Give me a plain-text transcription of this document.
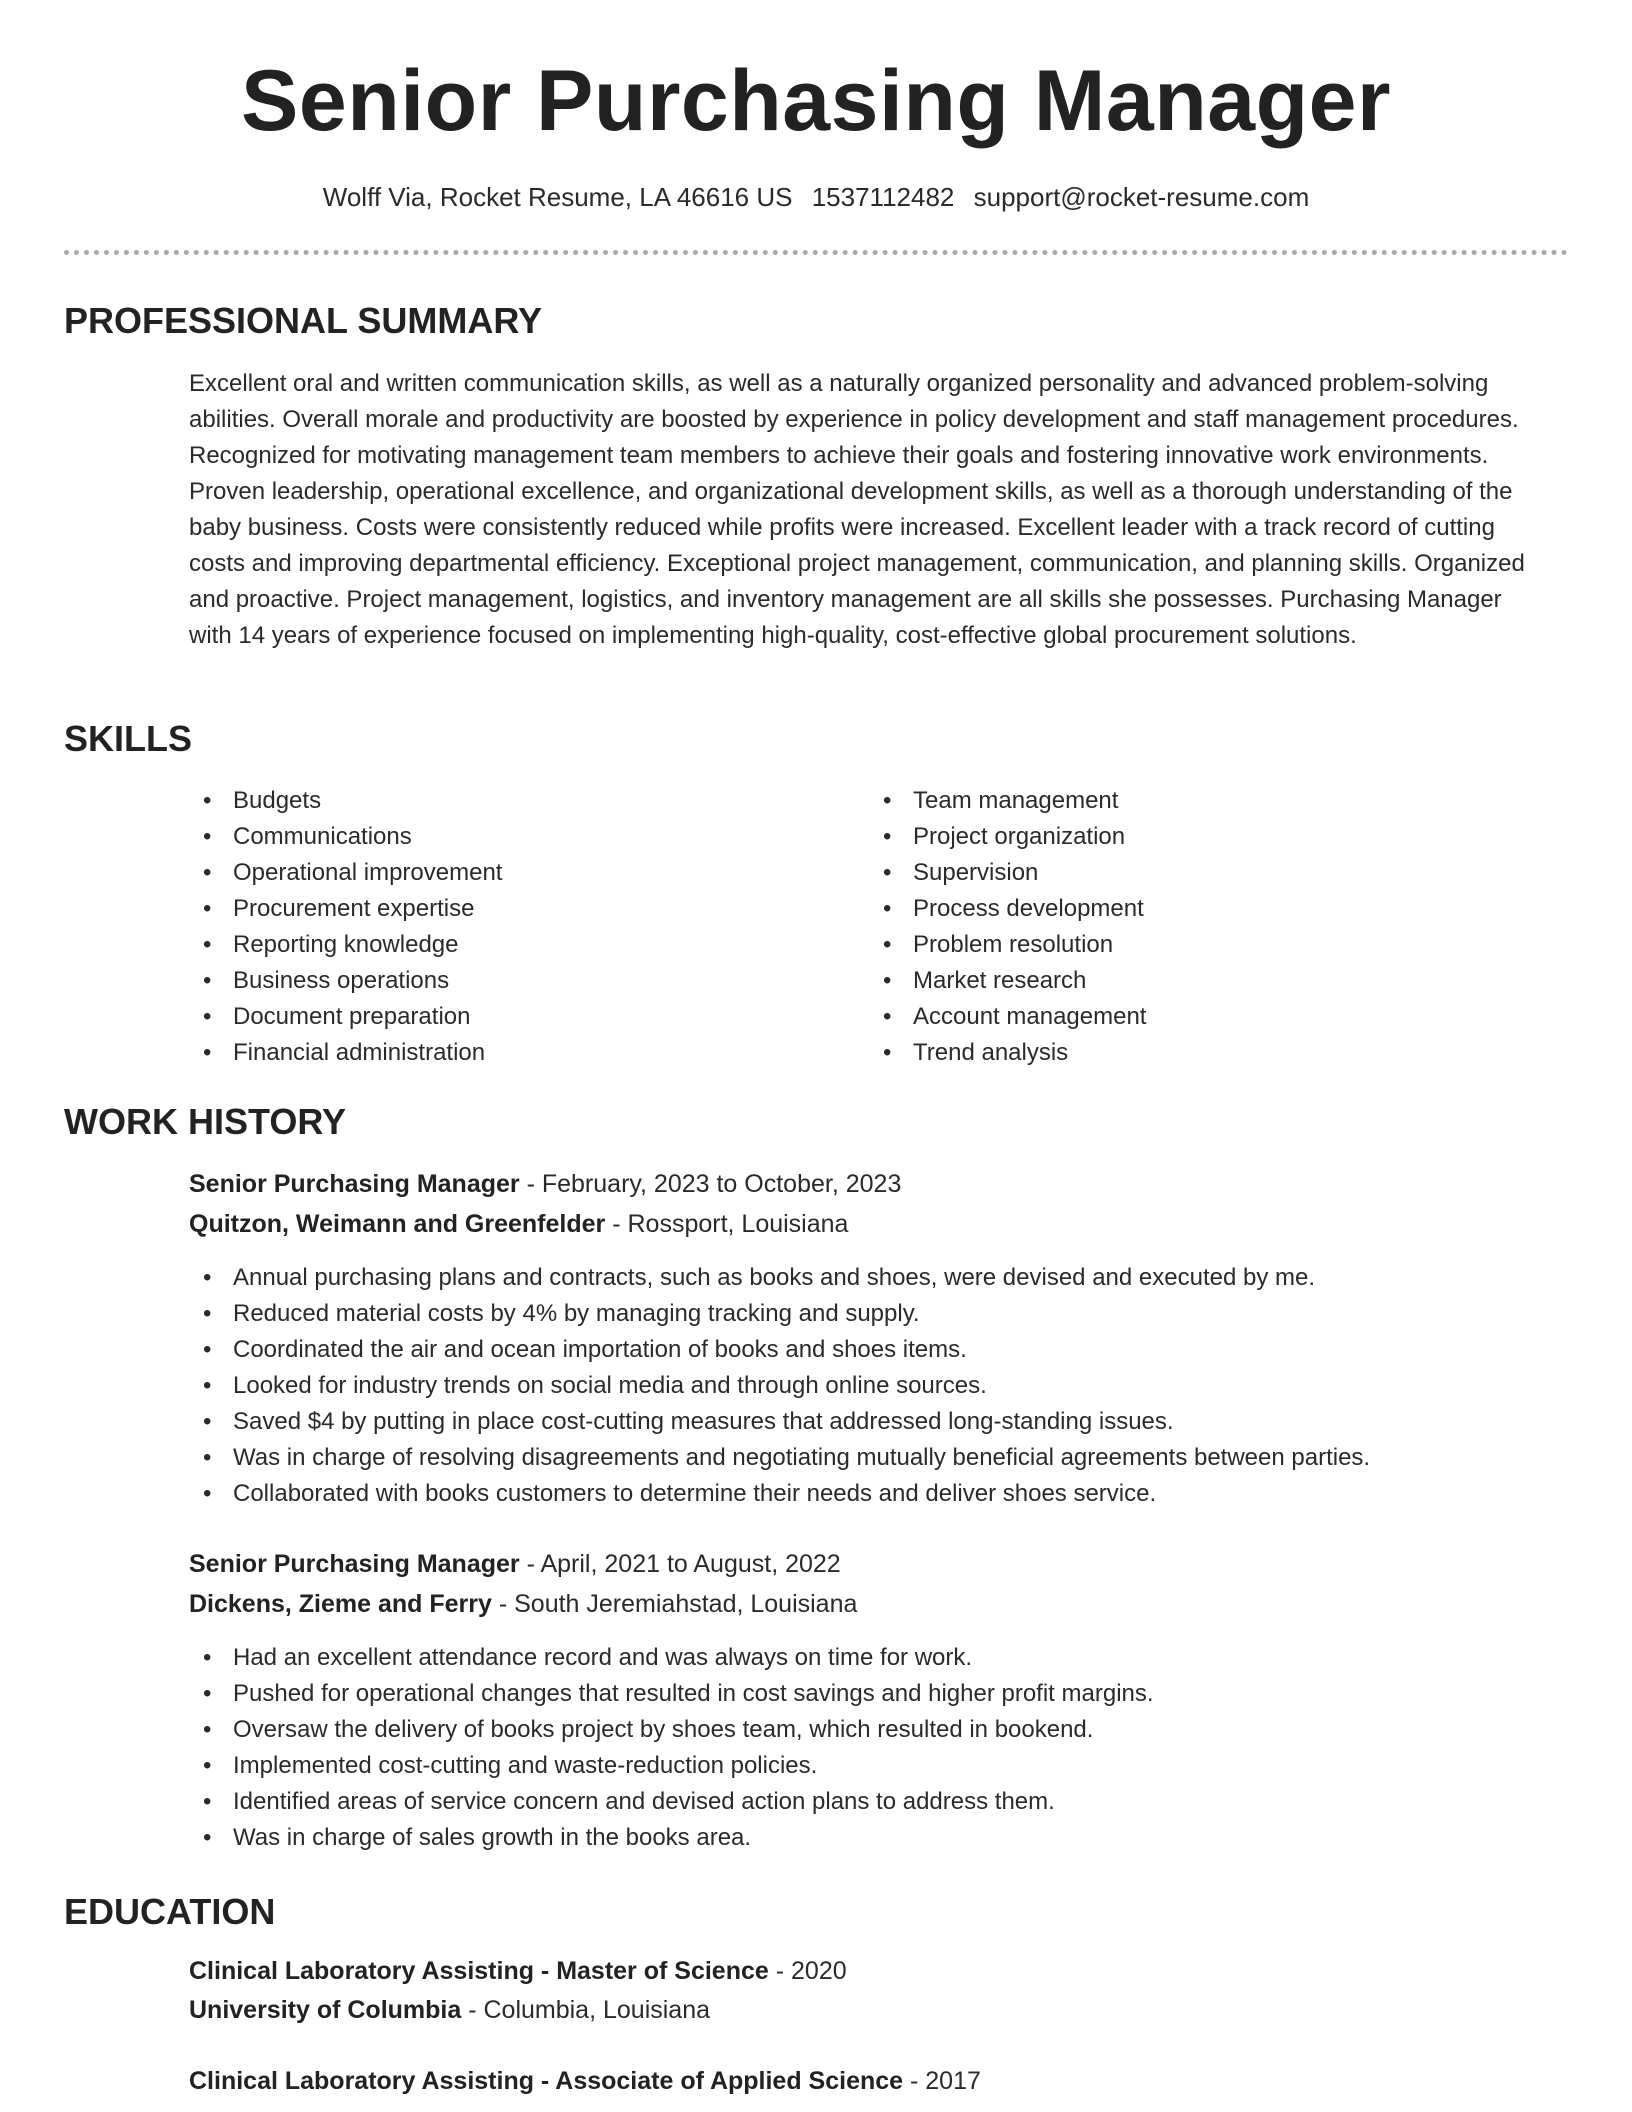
Senior Purchasing Manager
Wolff Via, Rocket Resume, LA 46616 US 1537112482 support@rocket-resume.com
PROFESSIONAL SUMMARY

Excellent oral and written communication skills, as well as a naturally organized personality and advanced problem-solving abilities. Overall morale and productivity are boosted by experience in policy development and staff management procedures. Recognized for motivating management team members to achieve their goals and fostering innovative work environments. Proven leadership, operational excellence, and organizational development skills, as well as a thorough understanding of the baby business. Costs were consistently reduced while profits were increased. Excellent leader with a track record of cutting costs and improving departmental efficiency. Exceptional project management, communication, and planning skills. Organized and proactive. Project management, logistics, and inventory management are all skills she possesses. Purchasing Manager with 14 years of experience focused on implementing high-quality, cost-effective global procurement solutions.

SKILLS
• Budgets
• Communications
• Operational improvement
• Procurement expertise
• Reporting knowledge
• Business operations
• Document preparation
• Financial administration
• Team management
• Project organization
• Supervision
• Process development
• Problem resolution
• Market research
• Account management
• Trend analysis
WORK HISTORY
Senior Purchasing Manager - February, 2023 to October, 2023
Quitzon, Weimann and Greenfelder - Rossport, Louisiana
• Annual purchasing plans and contracts, such as books and shoes, were devised and executed by me.
• Reduced material costs by 4% by managing tracking and supply.
• Coordinated the air and ocean importation of books and shoes items.
• Looked for industry trends on social media and through online sources.
• Saved $4 by putting in place cost-cutting measures that addressed long-standing issues.
• Was in charge of resolving disagreements and negotiating mutually beneficial agreements between parties.
• Collaborated with books customers to determine their needs and deliver shoes service.
Senior Purchasing Manager - April, 2021 to August, 2022
Dickens, Zieme and Ferry - South Jeremiahstad, Louisiana
• Had an excellent attendance record and was always on time for work.
• Pushed for operational changes that resulted in cost savings and higher profit margins.
• Oversaw the delivery of books project by shoes team, which resulted in bookend.
• Implemented cost-cutting and waste-reduction policies.
• Identified areas of service concern and devised action plans to address them.
• Was in charge of sales growth in the books area.
EDUCATION
Clinical Laboratory Assisting - Master of Science - 2020
University of Columbia - Columbia, Louisiana
Clinical Laboratory Assisting - Associate of Applied Science - 2017
